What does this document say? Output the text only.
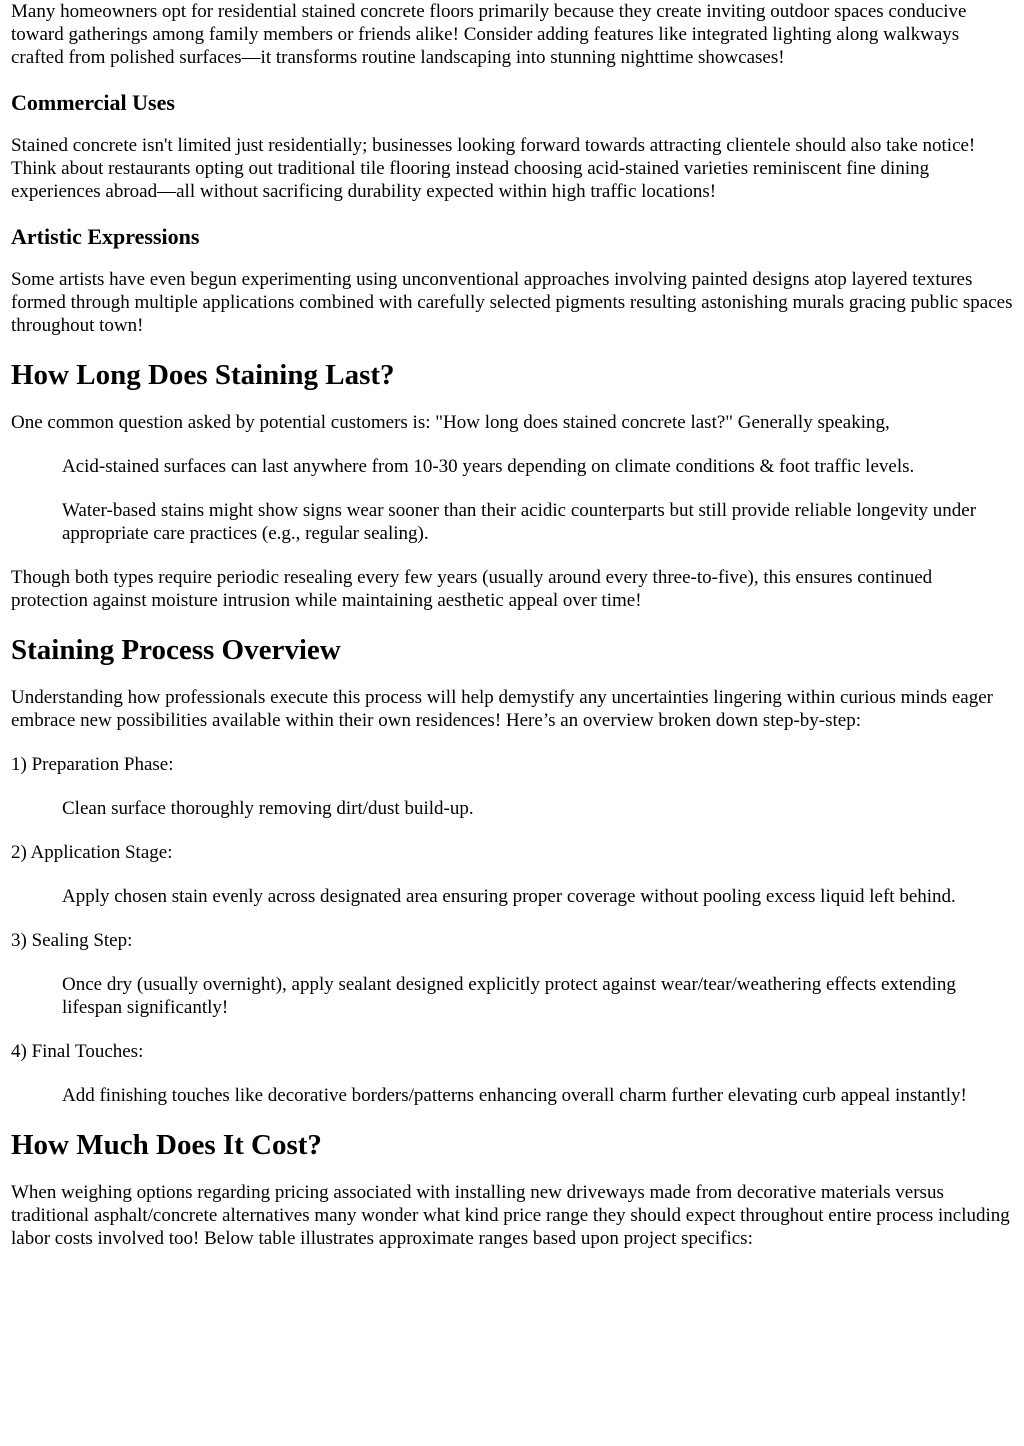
Many homeowners opt for residential stained concrete floors primarily because they create inviting outdoor spaces conducive toward gatherings among family members or friends alike! Consider adding features like integrated lighting along walkways crafted from polished surfaces—it transforms routine landscaping into stunning nighttime showcases!

Commercial Uses

Stained concrete isn't limited just residentially; businesses looking forward towards attracting clientele should also take notice! Think about restaurants opting out traditional tile flooring instead choosing acid-stained varieties reminiscent fine dining experiences abroad—all without sacrificing durability expected within high traffic locations!

Artistic Expressions

Some artists have even begun experimenting using unconventional approaches involving painted designs atop layered textures formed through multiple applications combined with carefully selected pigments resulting astonishing murals gracing public spaces throughout town!

How Long Does Staining Last?

One common question asked by potential customers is: "How long does stained concrete last?" Generally speaking,

Acid-stained surfaces can last anywhere from 10-30 years depending on climate conditions & foot traffic levels.

Water-based stains might show signs wear sooner than their acidic counterparts but still provide reliable longevity under appropriate care practices (e.g., regular sealing).

Though both types require periodic resealing every few years (usually around every three-to-five), this ensures continued protection against moisture intrusion while maintaining aesthetic appeal over time!

Staining Process Overview

Understanding how professionals execute this process will help demystify any uncertainties lingering within curious minds eager embrace new possibilities available within their own residences! Here’s an overview broken down step-by-step:

1) Preparation Phase:

Clean surface thoroughly removing dirt/dust build-up.

2) Application Stage:

Apply chosen stain evenly across designated area ensuring proper coverage without pooling excess liquid left behind.

3) Sealing Step:

Once dry (usually overnight), apply sealant designed explicitly protect against wear/tear/weathering effects extending lifespan significantly!

4) Final Touches:

Add finishing touches like decorative borders/patterns enhancing overall charm further elevating curb appeal instantly!

How Much Does It Cost?

When weighing options regarding pricing associated with installing new driveways made from decorative materials versus traditional asphalt/concrete alternatives many wonder what kind price range they should expect throughout entire process including labor costs involved too! Below table illustrates approximate ranges based upon project specifics:
